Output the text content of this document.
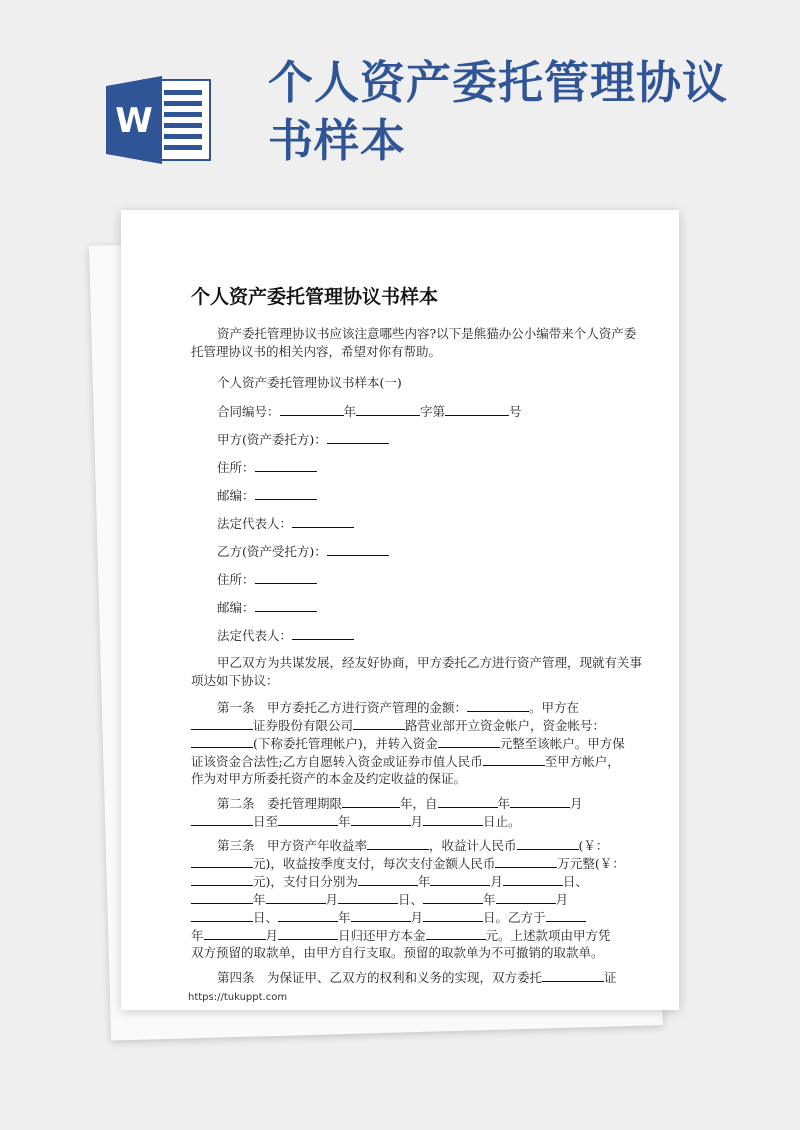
个人资产委托管理协议
书样本
W
个人资产委托管理协议书样本
资产委托管理协议书应该注意哪些内容?以下是熊猫办公小编带来个人资产委托管理协议书的相关内容，希望对你有帮助。
个人资产委托管理协议书样本(一)
合同编号：	年	字第	号
甲方(资产委托方)：
住所：
邮编：
法定代表人：
乙方(资产受托方)：
住所：
邮编：
法定代表人：
甲乙双方为共谋发展，经友好协商，甲方委托乙方进行资产管理，现就有关事项达如下协议：
第一条　甲方委托乙方进行资产管理的金额：	。甲方在
证券股份有限公司	路营业部开立资金帐户，资金帐号：
(下称委托管理帐户)，并转入资金	元整至该帐户。甲方保
证该资金合法性;乙方自愿转入资金或证券市值人民币	至甲方帐户，
作为对甲方所委托资产的本金及约定收益的保证。
第二条　委托管理期限	年，自	年	月
日至	年	月	日止。
第三条　甲方资产年收益率	，收益计人民币	(￥：
元)，收益按季度支付，每次支付金额人民币	万元整(￥：
元)，支付日分别为	年	月	日、
年	月	日、	年	月
日、	年	月	日。乙方于
年	月	日归还甲方本金	元。上述款项由甲方凭
双方预留的取款单，由甲方自行支取。预留的取款单为不可撤销的取款单。
第四条　为保证甲、乙双方的权利和义务的实现，双方委托	证
https://tukuppt.com
